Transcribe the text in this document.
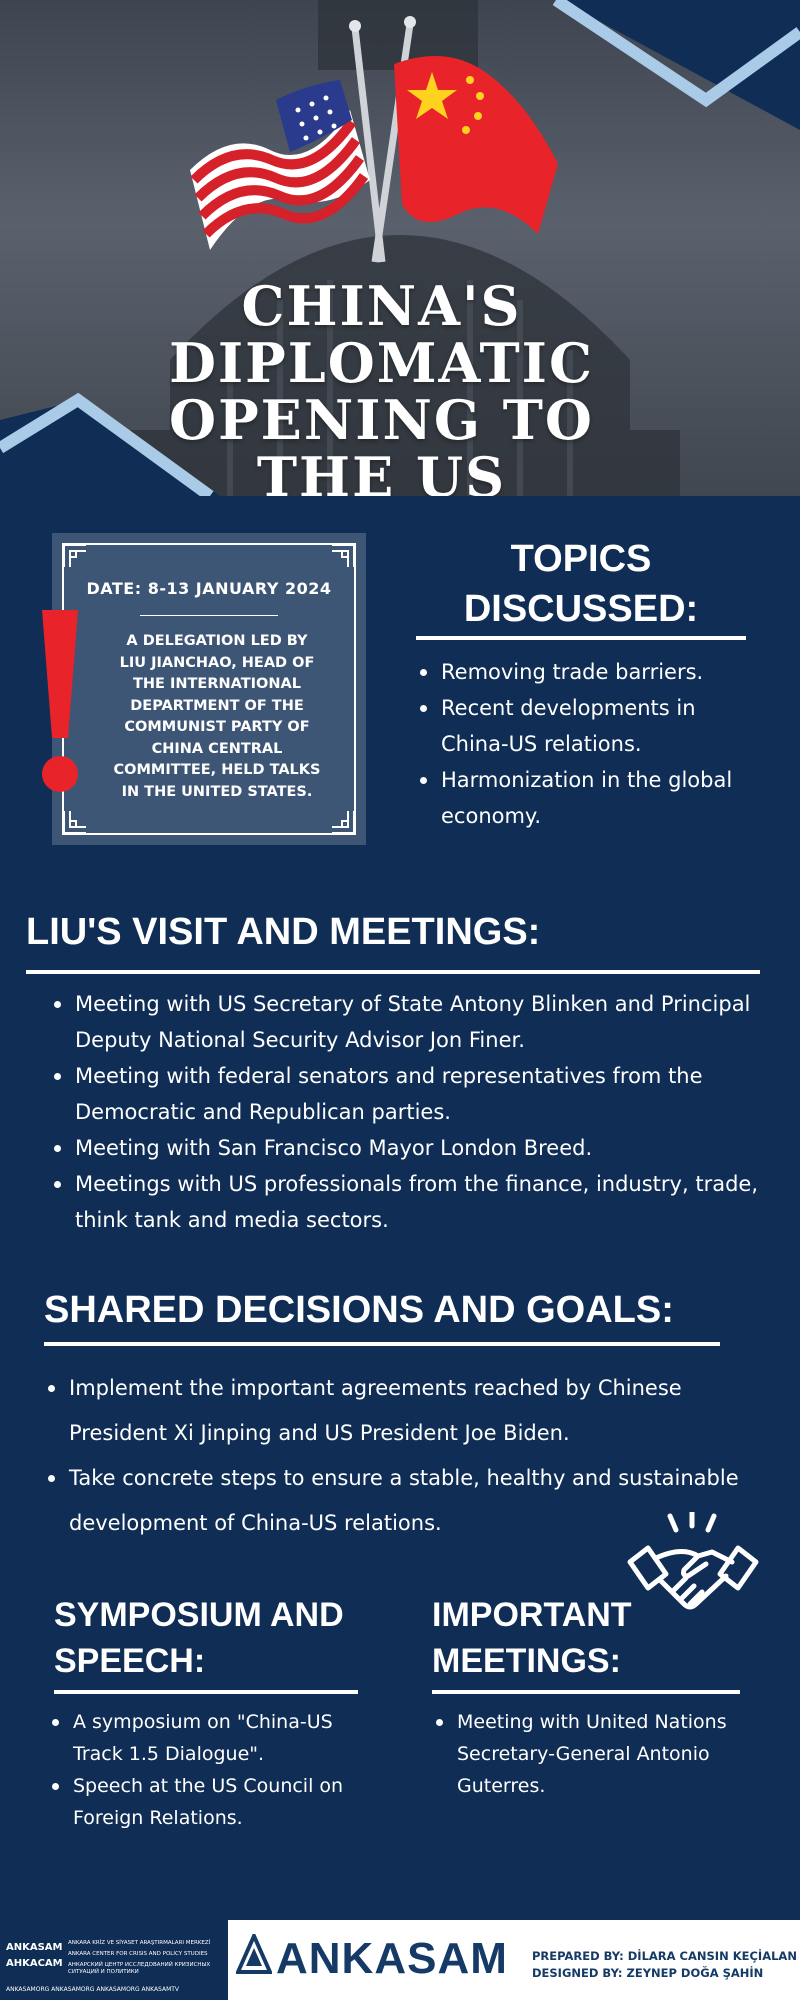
CHINA'S
DIPLOMATIC
OPENING TO
THE US
DATE: 8-13 JANUARY 2024
A DELEGATION LED BY LIU JIANCHAO, HEAD OF THE INTERNATIONAL DEPARTMENT OF THE COMMUNIST PARTY OF CHINA CENTRAL COMMITTEE, HELD TALKS IN THE UNITED STATES.
TOPICS
DISCUSSED:
Removing trade barriers.
Recent developments in China-US relations.
Harmonization in the global economy.
LIU'S VISIT AND MEETINGS:
Meeting with US Secretary of State Antony Blinken and Principal Deputy National Security Advisor Jon Finer.
Meeting with federal senators and representatives from the Democratic and Republican parties.
Meeting with San Francisco Mayor London Breed.
Meetings with US professionals from the finance, industry, trade, think tank and media sectors.
SHARED DECISIONS AND GOALS:
Implement the important agreements reached by Chinese President Xi Jinping and US President Joe Biden.
Take concrete steps to ensure a stable, healthy and sustainable development of China-US relations.
SYMPOSIUM AND
SPEECH:
A symposium on "China-US Track 1.5 Dialogue".
Speech at the US Council on Foreign Relations.
IMPORTANT
MEETINGS:
Meeting with United Nations Secretary-General Antonio Guterres.
ANKASAM
AHKACAM
ANKARA KRİZ VE SİYASET ARAŞTIRMALARI MERKEZİ
ANKARA CENTER FOR CRISIS AND POLICY STUDIES
АНКАРСКИЙ ЦЕНТР ИССЛЕДОВАНИЙ КРИЗИСНЫХ СИТУАЦИЙ И ПОЛИТИКИ
ANKASAMORG ANKASAMORG ANKASAMORG ANKASAMTV
ANKASAM PREPARED BY: DİLARA CANSIN KEÇİALAN
DESIGNED BY: ZEYNEP DOĞA ŞAHİN
